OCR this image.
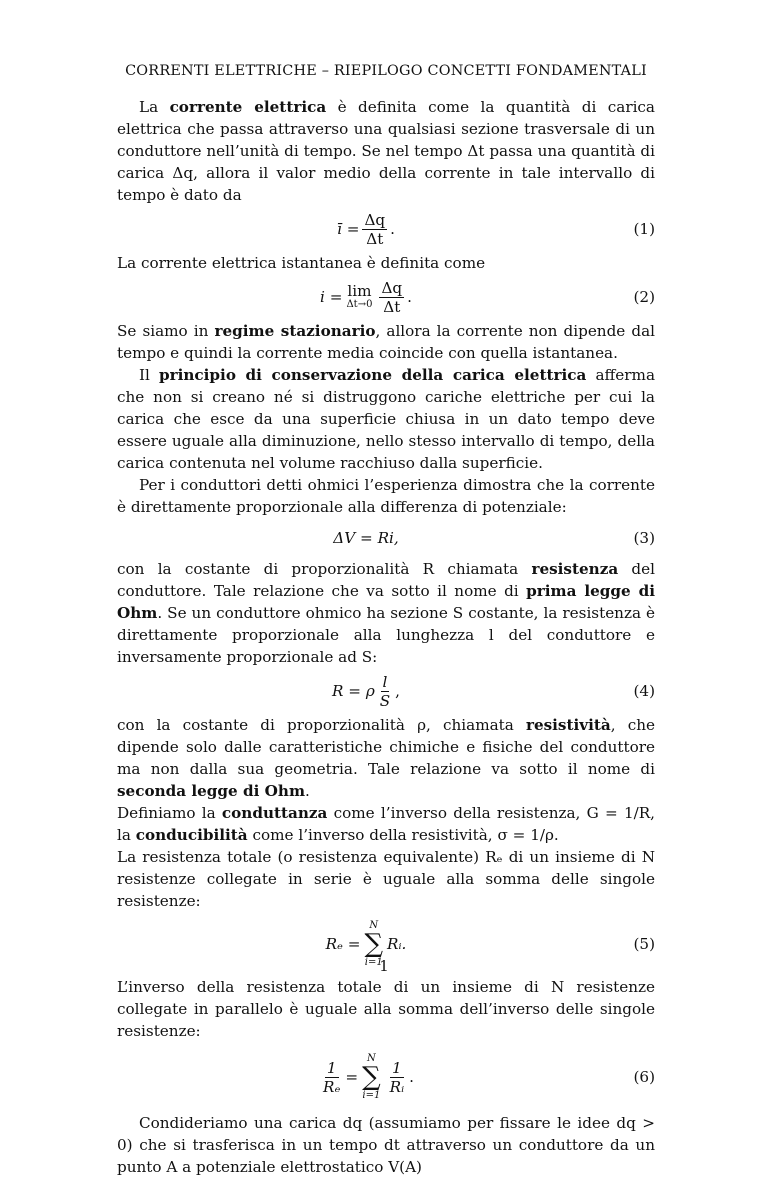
CORRENTI ELETTRICHE – RIEPILOGO CONCETTI FONDAMENTALI

La corrente elettrica è definita come la quantità di carica elettrica che passa attraverso una qualsiasi sezione trasversale di un conduttore nell’unità di tempo. Se nel tempo Δt passa una quantità di carica Δq, allora il valor medio della corrente in tale intervallo di tempo è dato da

ī = $\frac{\Delta q}{\Delta t}$ .	(1)

La corrente elettrica istantanea è definita come

i = lim
$\Delta t\to 0 \frac{\Delta q}{\Delta t}$ .	(2)

Se siamo in regime stazionario, allora la corrente non dipende dal tempo e quindi la corrente media coincide con quella istantanea.

Il principio di conservazione della carica elettrica afferma che non si creano né si distruggono cariche elettriche per cui la carica che esce da una superficie chiusa in un dato tempo deve essere uguale alla diminuzione, nello stesso intervallo di tempo, della carica contenuta nel volume racchiuso dalla superficie.

Per i conduttori detti ohmici l’esperienza dimostra che la corrente è direttamente proporzionale alla differenza di potenziale:

ΔV = Ri,	(3)

con la costante di proporzionalità R chiamata resistenza del conduttore. Tale relazione che va sotto il nome di prima legge di Ohm. Se un conduttore ohmico ha sezione S costante, la resistenza è direttamente proporzionale alla lunghezza l del conduttore e inversamente proporzionale ad S:

R = ρ $\frac{l}{S}$ ,	(4)

con la costante di proporzionalità ρ, chiamata resistività, che dipende solo dalle caratteristiche chimiche e fisiche del conduttore ma non dalla sua geometria. Tale relazione va sotto il nome di seconda legge di Ohm.

Definiamo la conduttanza come l’inverso della resistenza, G = 1/R, la conducibilità come l’inverso della resistività, σ = 1/ρ.

La resistenza totale (o resistenza equivalente) Rₑ di un insieme di N resistenze collegate in serie è uguale alla somma delle singole resistenze:

Rₑ =
N
∑
i=1
Rᵢ.	(5)

L’inverso della resistenza totale di un insieme di N resistenze collegate in parallelo è uguale alla somma dell’inverso delle singole resistenze:

$\frac{1}{\text{Rₑ}}$ =
N
∑
$i=1 \frac{1}{\text{Rᵢ}}$ .	(6)

Condideriamo una carica dq (assumiamo per fissare le idee dq > 0) che si trasferisca in un tempo dt attraverso un conduttore da un punto A a potenziale elettrostatico V(A)

1
